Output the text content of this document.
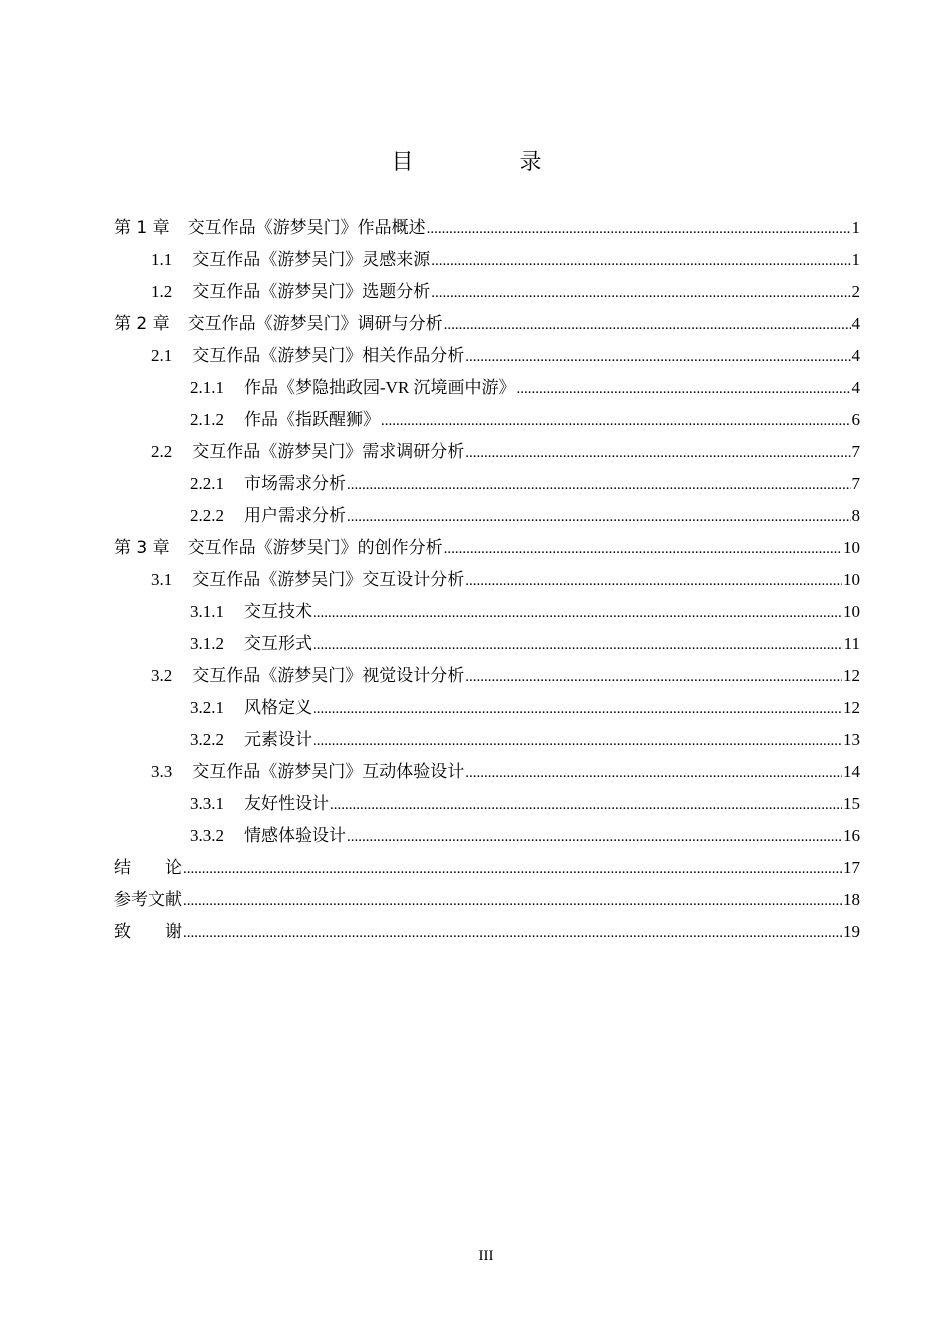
目　录
第 1 章 交互作品《游梦吴门》作品概述 .....	1
1.1 交互作品《游梦吴门》灵感来源 .....	1
1.2 交互作品《游梦吴门》选题分析 .....	2
第 2 章 交互作品《游梦吴门》调研与分析 .....	4
2.1 交互作品《游梦吴门》相关作品分析 .....	4
2.1.1 作品《梦隐拙政园-VR 沉境画中游》 .....	4
2.1.2 作品《指跃醒狮》 .....	6
2.2 交互作品《游梦吴门》需求调研分析 .....	7
2.2.1 市场需求分析 .....	7
2.2.2 用户需求分析 .....	8
第 3 章 交互作品《游梦吴门》的创作分析 .....	10
3.1 交互作品《游梦吴门》交互设计分析 .....	10
3.1.1 交互技术 .....	10
3.1.2 交互形式 .....	11
3.2 交互作品《游梦吴门》视觉设计分析 .....	12
3.2.1 风格定义 .....	12
3.2.2 元素设计 .....	13
3.3 交互作品《游梦吴门》互动体验设计 .....	14
3.3.1 友好性设计 .....	15
3.3.2 情感体验设计 .....	16
结　　论 .....	17
参考文献 .....	18
致　　谢 .....	19
III
